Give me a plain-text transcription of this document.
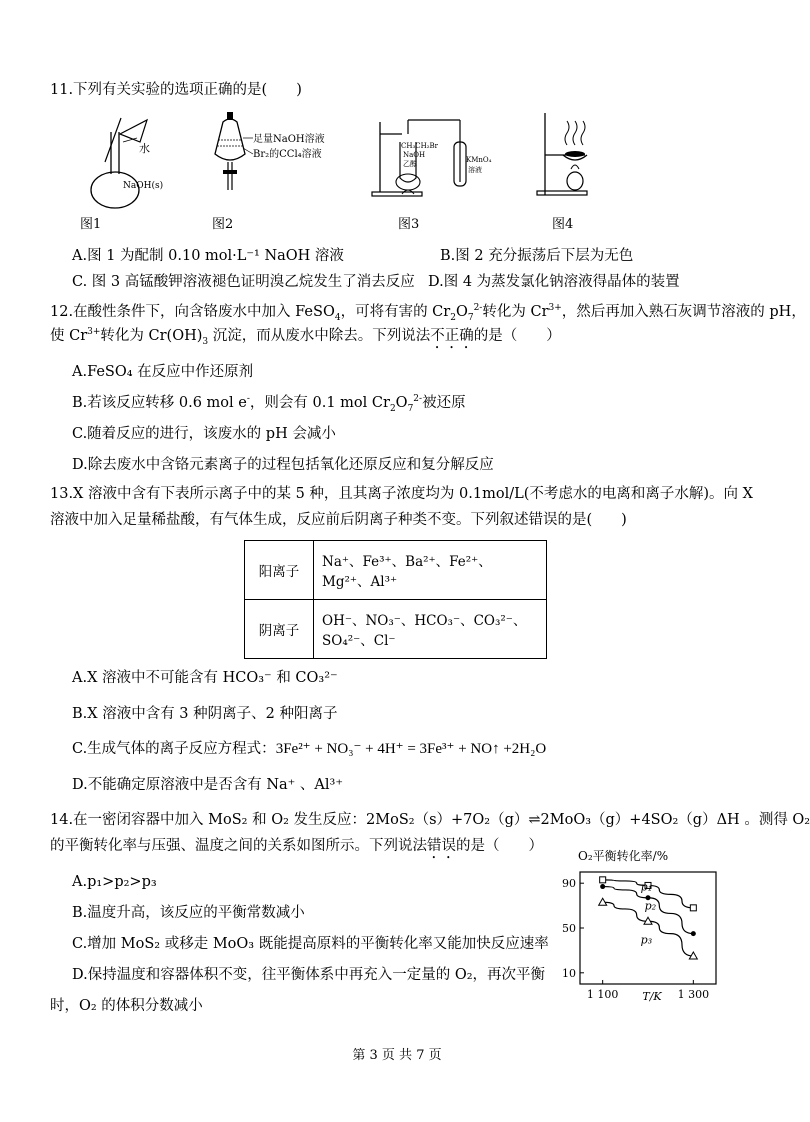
11.下列有关实验的选项正确的是(　　)
水
NaOH(s)
足量NaOH溶液
Br₂的CCl₄溶液
CH₃CH₂Br
NaOH
乙醇	KMnO₄
溶液
图1	图2	图3	图4
A.图 1 为配制 0.10 mol·L⁻¹ NaOH 溶液	B.图 2 充分振荡后下层为无色
C. 图 3 高锰酸钾溶液褪色证明溴乙烷发生了消去反应 D.图 4 为蒸发氯化钠溶液得晶体的装置
12.在酸性条件下，向含铬废水中加入 FeSO$_4$，可将有害的 $Cr_2O_7^{2-}$转化为 $Cr^{3+}$，然后再加入熟石灰调节溶液的 pH，
使 $Cr^{3+}$转化为 $Cr(OH)_3$ 沉淀，而从废水中除去。下列说法不正确的是（　　）
A.FeSO₄ 在反应中作还原剂
B.若该反应转移 0.6 mol e-，则会有 0.1 mol $Cr_2O_7^{2-}$被还原
C.随着反应的进行，该废水的 pH 会减小
D.除去废水中含铬元素离子的过程包括氧化还原反应和复分解反应
13.X 溶液中含有下表所示离子中的某 5 种，且其离子浓度均为 0.1mol/L(不考虑水的电离和离子水解)。向 X
溶液中加入足量稀盐酸，有气体生成，反应前后阴离子种类不变。下列叙述错误的是(　　)
阳离子	Na⁺、Fe³⁺、Ba²⁺、Fe²⁺、Mg²⁺、Al³⁺
阴离子	OH⁻、NO₃⁻、HCO₃⁻、CO₃²⁻、SO₄²⁻、Cl⁻
A.X 溶液中不可能含有 HCO₃⁻ 和 CO₃²⁻
B.X 溶液中含有 3 种阴离子、2 种阳离子
C.生成气体的离子反应方程式：3Fe²⁺ + NO₃⁻ + 4H⁺ = 3Fe³⁺ + NO↑ +2H₂O
D.不能确定原溶液中是否含有 Na⁺ 、Al³⁺
14.在一密闭容器中加入 MoS₂ 和 O₂ 发生反应：2MoS₂（s）+7O₂（g）⇌2MoO₃（g）+4SO₂（g）ΔH 。测得 O₂
的平衡转化率与压强、温度之间的关系如图所示。下列说法错误的是（　　）
A.p₁>p₂>p₃
B.温度升高，该反应的平衡常数减小
C.增加 MoS₂ 或移走 MoO₃ 既能提高原料的平衡转化率又能加快反应速率
D.保持温度和容器体积不变，往平衡体系中再充入一定量的 O₂，再次平衡
时，O₂ 的体积分数减小
O₂平衡转化率/%
10
50
90
1 100	1 300
T/K
p₁
p₂
p₃
第 3 页 共 7 页
